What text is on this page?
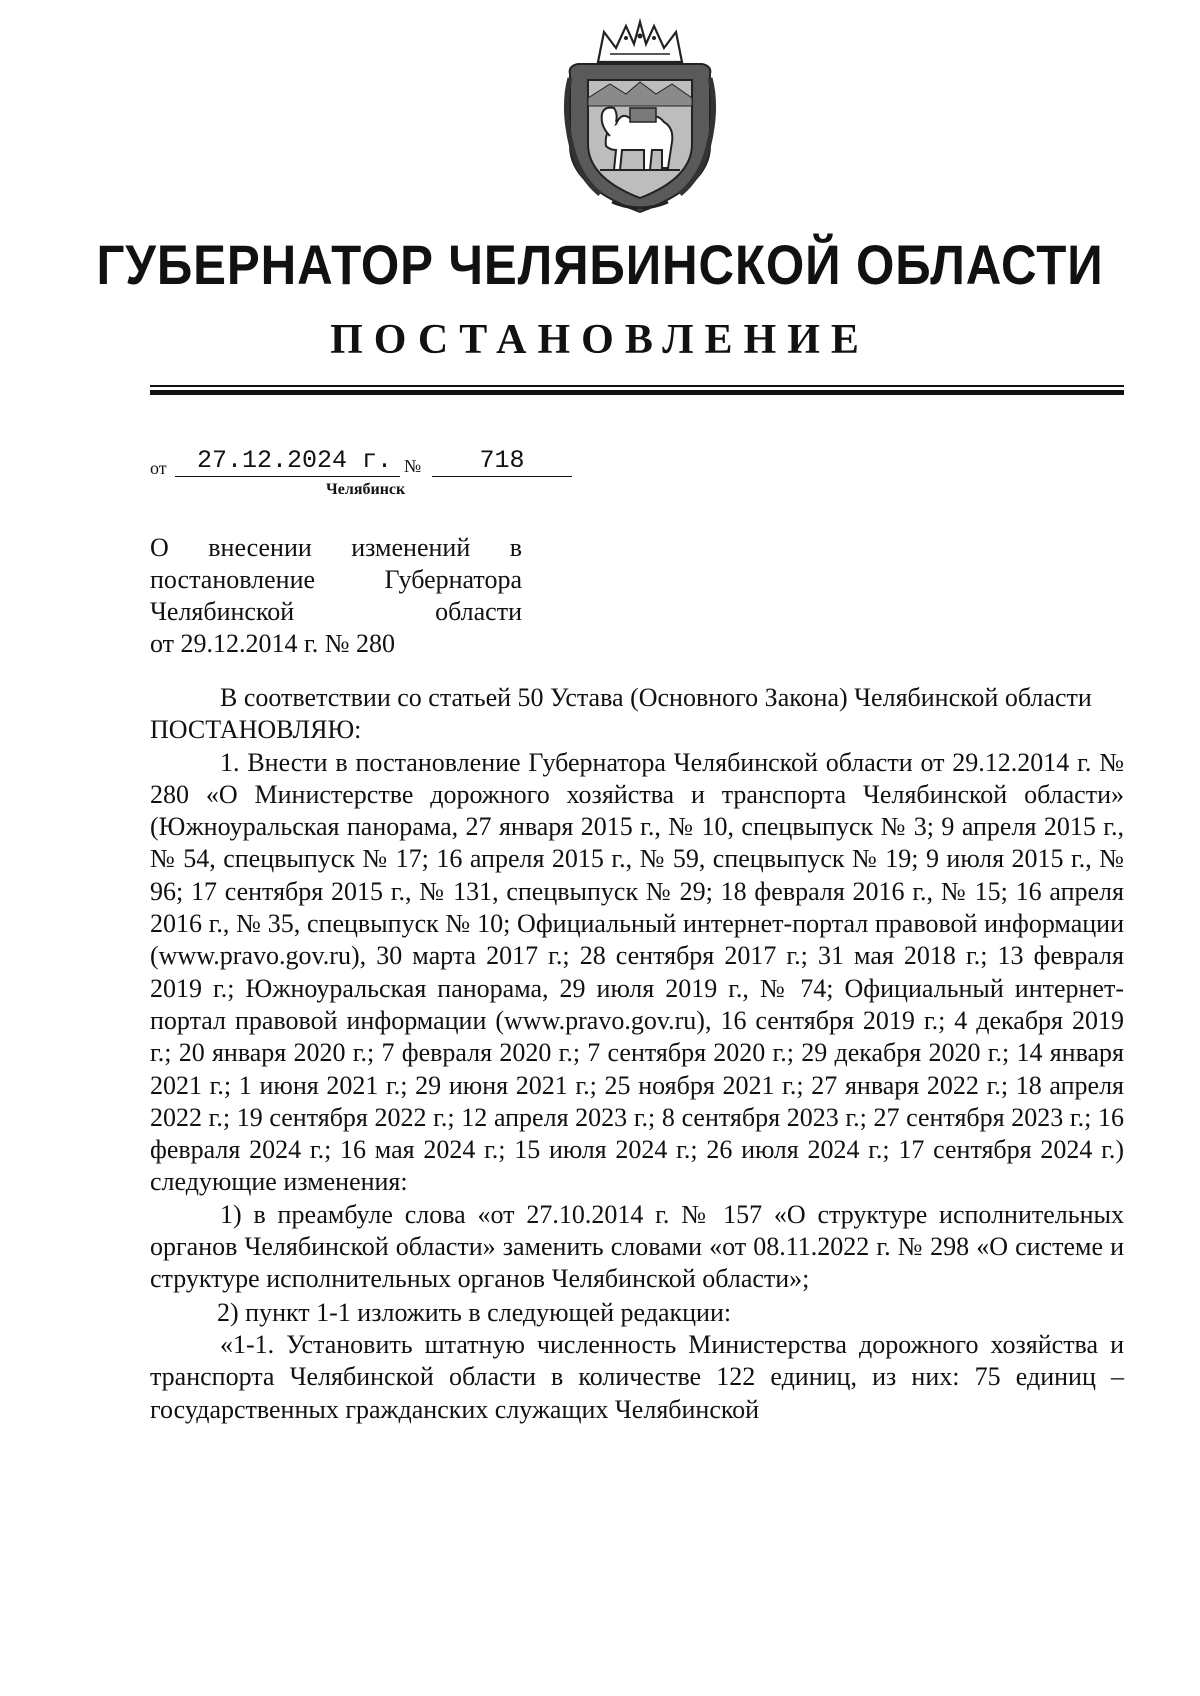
ГУБЕРНАТОР ЧЕЛЯБИНСКОЙ ОБЛАСТИ
ПОСТАНОВЛЕНИЕ
от	27.12.2024 г. №	718
Челябинск
О внесении изменений в
постановление Губернатора
Челябинской области
от 29.12.2014 г. № 280

В соответствии со статьей 50 Устава (Основного Закона) Челябинской области

ПОСТАНОВЛЯЮ:

1. Внести в постановление Губернатора Челябинской области от 29.12.2014 г. № 280 «О Министерстве дорожного хозяйства и транспорта Челябинской области» (Южноуральская панорама, 27 января 2015 г., № 10, спецвыпуск № 3; 9 апреля 2015 г., № 54, спецвыпуск № 17; 16 апреля 2015 г., № 59, спецвыпуск № 19; 9 июля 2015 г., № 96; 17 сентября 2015 г., № 131, спецвыпуск № 29; 18 февраля 2016 г., № 15; 16 апреля 2016 г., № 35, спецвыпуск № 10; Официальный интернет-портал правовой информации (www.pravo.gov.ru), 30 марта 2017 г.; 28 сентября 2017 г.; 31 мая 2018 г.; 13 февраля 2019 г.; Южноуральская панорама, 29 июля 2019 г., № 74; Официальный интернет-портал правовой информации (www.pravo.gov.ru), 16 сентября 2019 г.; 4 декабря 2019 г.; 20 января 2020 г.; 7 февраля 2020 г.; 7 сентября 2020 г.; 29 декабря 2020 г.; 14 января 2021 г.; 1 июня 2021 г.; 29 июня 2021 г.; 25 ноября 2021 г.; 27 января 2022 г.; 18 апреля 2022 г.; 19 сентября 2022 г.; 12 апреля 2023 г.; 8 сентября 2023 г.; 27 сентября 2023 г.; 16 февраля 2024 г.; 16 мая 2024 г.; 15 июля 2024 г.; 26 июля 2024 г.; 17 сентября 2024 г.) следующие изменения:

1) в преамбуле слова «от 27.10.2014 г. № 157 «О структуре исполнительных органов Челябинской области» заменить словами «от 08.11.2022 г. № 298 «О системе и структуре исполнительных органов Челябинской области»;

2) пункт 1-1 изложить в следующей редакции:

«1-1. Установить штатную численность Министерства дорожного хозяйства и транспорта Челябинской области в количестве 122 единиц, из них: 75 единиц – государственных гражданских служащих Челябинской
